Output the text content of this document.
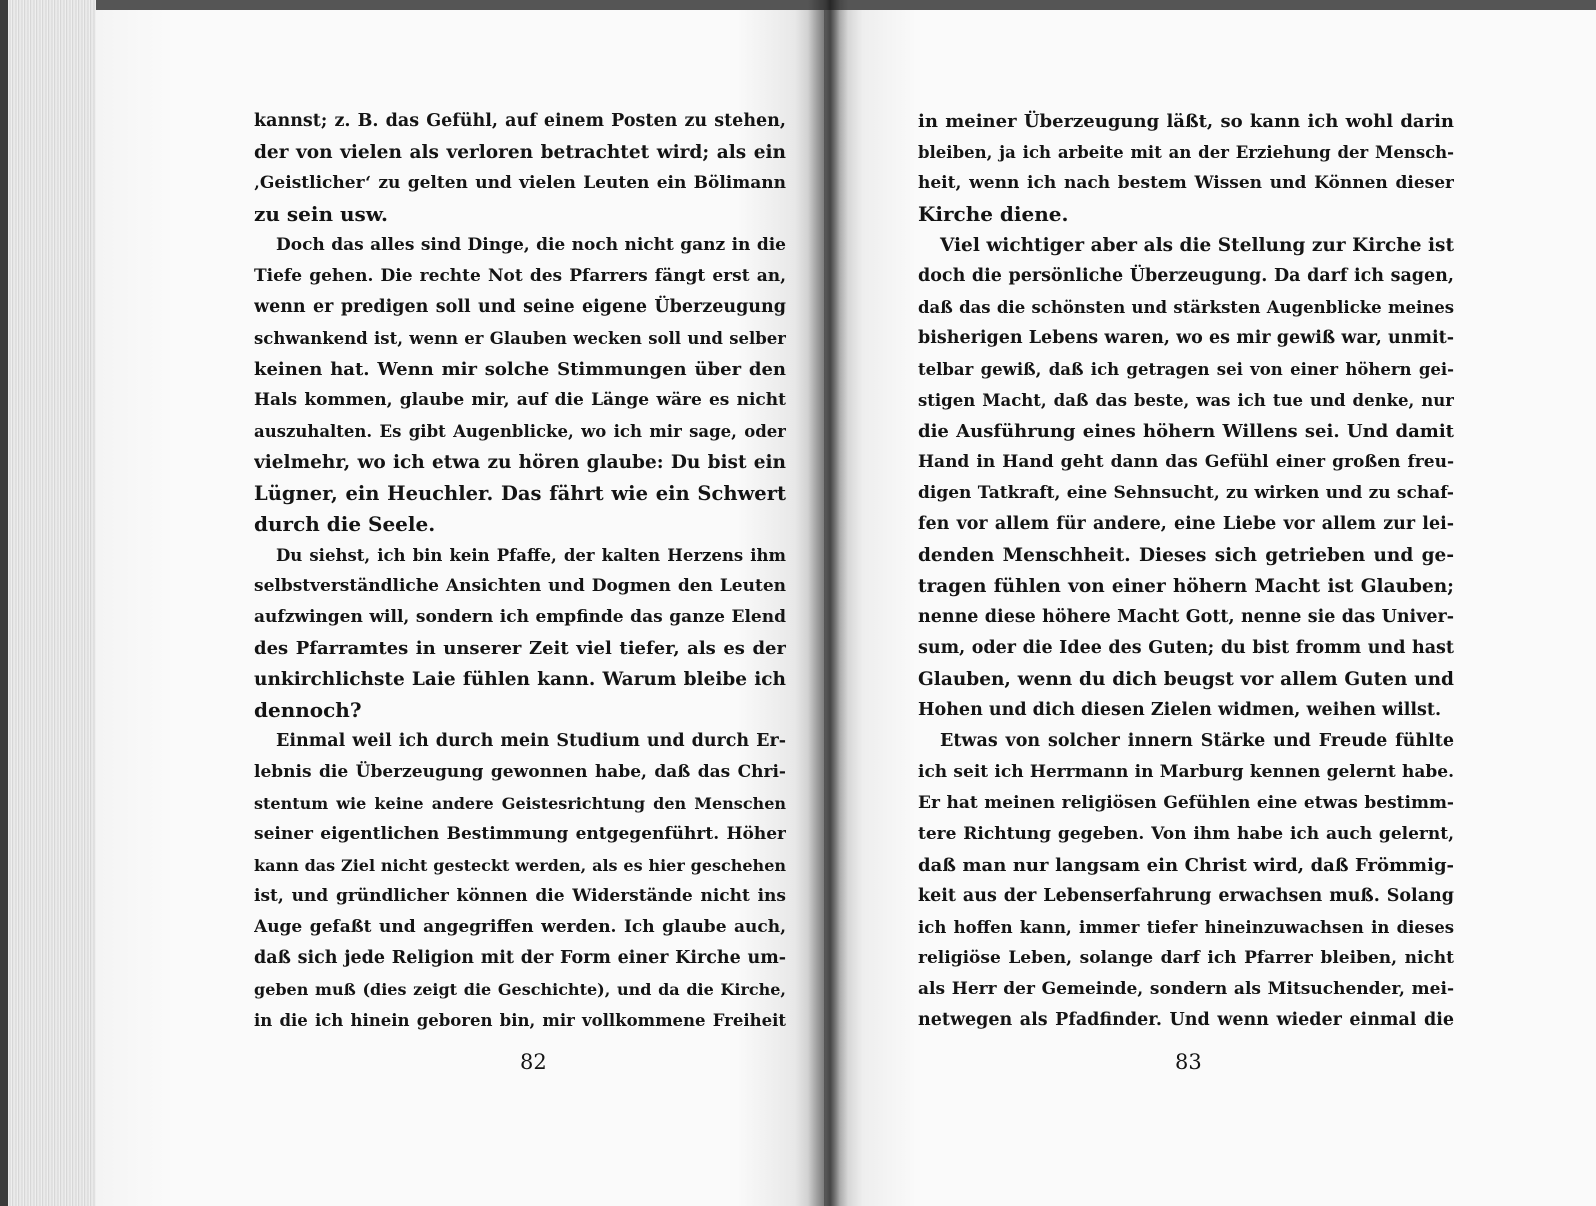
kannst; z. B. das Gefühl, auf einem Posten zu stehen,
der von vielen als verloren betrachtet wird; als ein
‚Geistlicher‘ zu gelten und vielen Leuten ein Bölimann
zu sein usw.
Doch das alles sind Dinge, die noch nicht ganz in die
Tiefe gehen. Die rechte Not des Pfarrers fängt erst an,
wenn er predigen soll und seine eigene Überzeugung
schwankend ist, wenn er Glauben wecken soll und selber
keinen hat. Wenn mir solche Stimmungen über den
Hals kommen, glaube mir, auf die Länge wäre es nicht
auszuhalten. Es gibt Augenblicke, wo ich mir sage, oder
vielmehr, wo ich etwa zu hören glaube: Du bist ein
Lügner, ein Heuchler. Das fährt wie ein Schwert
durch die Seele.
Du siehst, ich bin kein Pfaffe, der kalten Herzens ihm
selbstverständliche Ansichten und Dogmen den Leuten
aufzwingen will, sondern ich empfinde das ganze Elend
des Pfarramtes in unserer Zeit viel tiefer, als es der
unkirchlichste Laie fühlen kann. Warum bleibe ich
dennoch?
Einmal weil ich durch mein Studium und durch Er-
lebnis die Überzeugung gewonnen habe, daß das Chri-
stentum wie keine andere Geistesrichtung den Menschen
seiner eigentlichen Bestimmung entgegenführt. Höher
kann das Ziel nicht gesteckt werden, als es hier geschehen
ist, und gründlicher können die Widerstände nicht ins
Auge gefaßt und angegriffen werden. Ich glaube auch,
daß sich jede Religion mit der Form einer Kirche um-
geben muß (dies zeigt die Geschichte), und da die Kirche,
in die ich hinein geboren bin, mir vollkommene Freiheit
82
in meiner Überzeugung läßt, so kann ich wohl darin
bleiben, ja ich arbeite mit an der Erziehung der Mensch-
heit, wenn ich nach bestem Wissen und Können dieser
Kirche diene.
Viel wichtiger aber als die Stellung zur Kirche ist
doch die persönliche Überzeugung. Da darf ich sagen,
daß das die schönsten und stärksten Augenblicke meines
bisherigen Lebens waren, wo es mir gewiß war, unmit-
telbar gewiß, daß ich getragen sei von einer höhern gei-
stigen Macht, daß das beste, was ich tue und denke, nur
die Ausführung eines höhern Willens sei. Und damit
Hand in Hand geht dann das Gefühl einer großen freu-
digen Tatkraft, eine Sehnsucht, zu wirken und zu schaf-
fen vor allem für andere, eine Liebe vor allem zur lei-
denden Menschheit. Dieses sich getrieben und ge-
tragen fühlen von einer höhern Macht ist Glauben;
nenne diese höhere Macht Gott, nenne sie das Univer-
sum, oder die Idee des Guten; du bist fromm und hast
Glauben, wenn du dich beugst vor allem Guten und
Hohen und dich diesen Zielen widmen, weihen willst.
Etwas von solcher innern Stärke und Freude fühlte
ich seit ich Herrmann in Marburg kennen gelernt habe.
Er hat meinen religiösen Gefühlen eine etwas bestimm-
tere Richtung gegeben. Von ihm habe ich auch gelernt,
daß man nur langsam ein Christ wird, daß Frömmig-
keit aus der Lebenserfahrung erwachsen muß. Solang
ich hoffen kann, immer tiefer hineinzuwachsen in dieses
religiöse Leben, solange darf ich Pfarrer bleiben, nicht
als Herr der Gemeinde, sondern als Mitsuchender, mei-
netwegen als Pfadfinder. Und wenn wieder einmal die
83
